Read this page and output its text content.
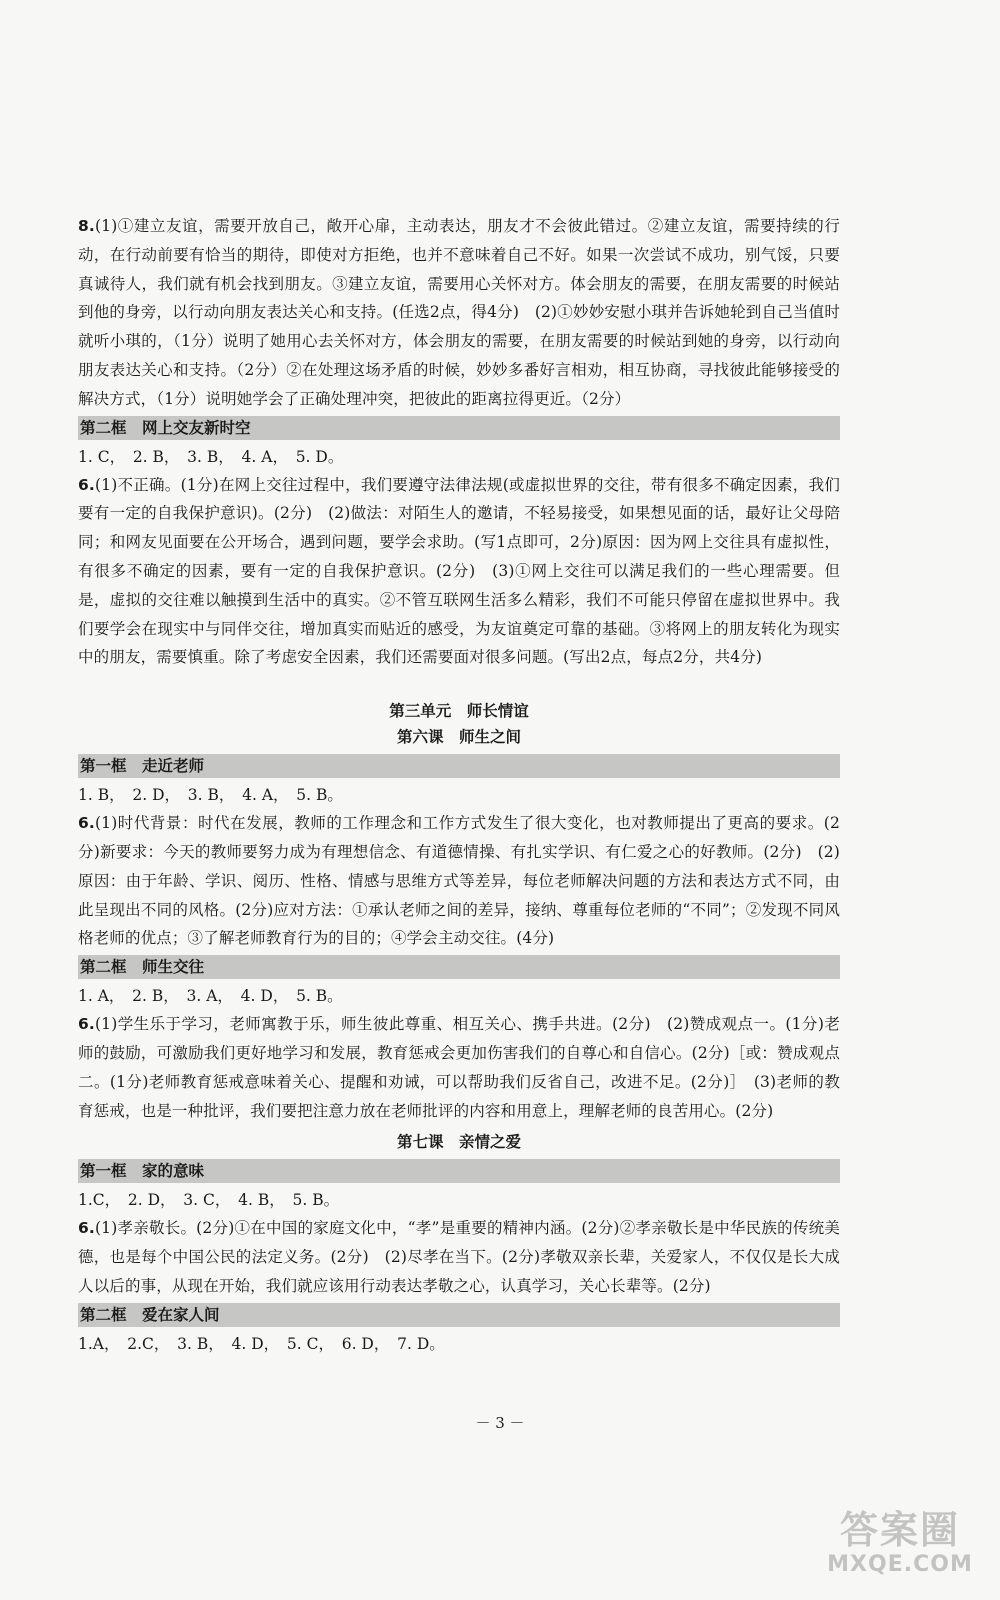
8.(1)①建立友谊，需要开放自己，敞开心扉，主动表达，朋友才不会彼此错过。②建立友谊，需要持续的行动，在行动前要有恰当的期待，即使对方拒绝，也并不意味着自己不好。如果一次尝试不成功，别气馁，只要真诚待人，我们就有机会找到朋友。③建立友谊，需要用心关怀对方。体会朋友的需要，在朋友需要的时候站到他的身旁，以行动向朋友表达关心和支持。(任选2点，得4分)　(2)①妙妙安慰小琪并告诉她轮到自己当值时就听小琪的，（1分）说明了她用心去关怀对方，体会朋友的需要，在朋友需要的时候站到她的身旁，以行动向朋友表达关心和支持。（2分）②在处理这场矛盾的时候，妙妙多番好言相劝，相互协商，寻找彼此能够接受的解决方式，（1分）说明她学会了正确处理冲突，把彼此的距离拉得更近。（2分）

第二框　网上交友新时空

1. C，　2. B，　3. B，　4. A，　5. D。

6.(1)不正确。(1分)在网上交往过程中，我们要遵守法律法规(或虚拟世界的交往，带有很多不确定因素，我们要有一定的自我保护意识)。(2分)　(2)做法：对陌生人的邀请，不轻易接受，如果想见面的话，最好让父母陪同；和网友见面要在公开场合，遇到问题，要学会求助。(写1点即可，2分)原因：因为网上交往具有虚拟性，有很多不确定的因素，要有一定的自我保护意识。(2分)　(3)①网上交往可以满足我们的一些心理需要。但是，虚拟的交往难以触摸到生活中的真实。②不管互联网生活多么精彩，我们不可能只停留在虚拟世界中。我们要学会在现实中与同伴交往，增加真实而贴近的感受，为友谊奠定可靠的基础。③将网上的朋友转化为现实中的朋友，需要慎重。除了考虑安全因素，我们还需要面对很多问题。(写出2点，每点2分，共4分)

第三单元　师长情谊
第六课　师生之间
第一框　走近老师

1. B，　2. D，　3. B，　4. A，　5. B。

6.(1)时代背景：时代在发展，教师的工作理念和工作方式发生了很大变化，也对教师提出了更高的要求。(2分)新要求：今天的教师要努力成为有理想信念、有道德情操、有扎实学识、有仁爱之心的好教师。(2分)　(2)原因：由于年龄、学识、阅历、性格、情感与思维方式等差异，每位老师解决问题的方法和表达方式不同，由此呈现出不同的风格。(2分)应对方法：①承认老师之间的差异，接纳、尊重每位老师的“不同”；②发现不同风格老师的优点；③了解老师教育行为的目的；④学会主动交往。(4分)

第二框　师生交往

1. A，　2. B，　3. A，　4. D，　5. B。

6.(1)学生乐于学习，老师寓教于乐，师生彼此尊重、相互关心、携手共进。(2分)　(2)赞成观点一。(1分)老师的鼓励，可激励我们更好地学习和发展，教育惩戒会更加伤害我们的自尊心和自信心。(2分)［或：赞成观点二。(1分)老师教育惩戒意味着关心、提醒和劝诫，可以帮助我们反省自己，改进不足。(2分)］　(3)老师的教育惩戒，也是一种批评，我们要把注意力放在老师批评的内容和用意上，理解老师的良苦用心。(2分)

第七课　亲情之爱
第一框　家的意味

1.C，　2. D，　3. C，　4. B，　5. B。

6.(1)孝亲敬长。(2分)①在中国的家庭文化中，“孝”是重要的精神内涵。(2分)②孝亲敬长是中华民族的传统美德，也是每个中国公民的法定义务。(2分)　(2)尽孝在当下。(2分)孝敬双亲长辈，关爱家人，不仅仅是长大成人以后的事，从现在开始，我们就应该用行动表达孝敬之心，认真学习，关心长辈等。(2分)

第二框　爱在家人间

1.A，　2.C，　3. B，　4. D，　5. C，　6. D，　7. D。

－ 3 －
答案圈
MXQE.COM
